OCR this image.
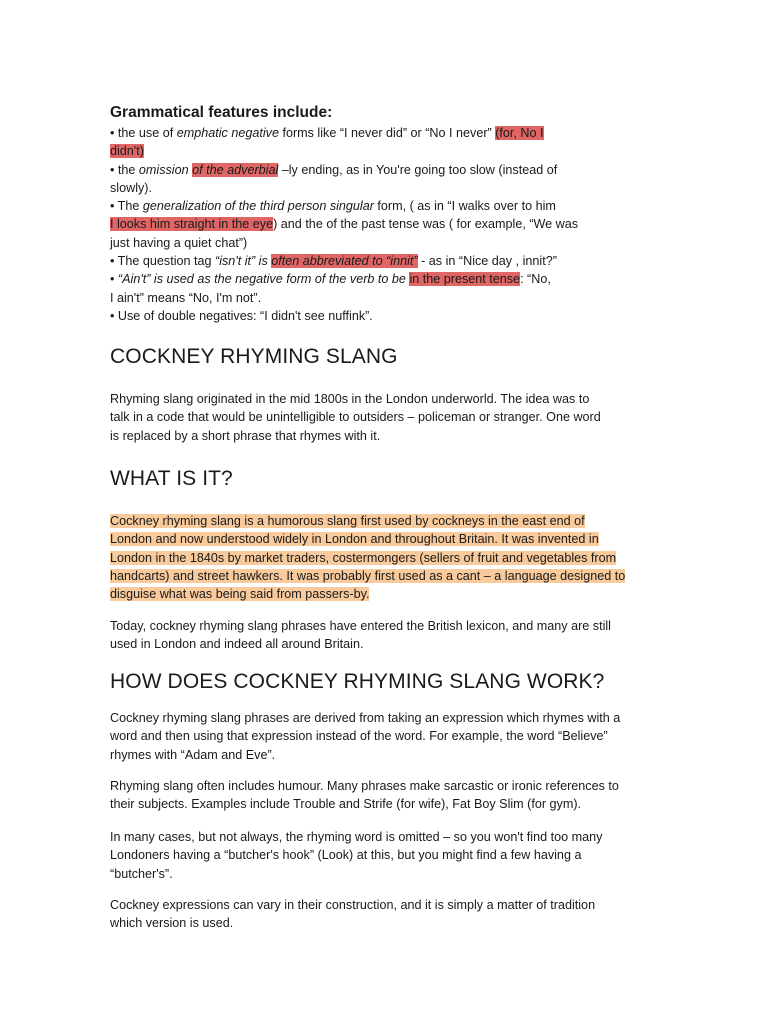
Grammatical features include:
• the use of emphatic negative forms like “I never did” or “No I never” (for, No I
didn't)
• the omission of the adverbial –ly ending, as in You're going too slow (instead of
slowly).
• The generalization of the third person singular form, ( as in “I walks over to him
I looks him straight in the eye) and the of the past tense was ( for example, “We was
just having a quiet chat”)
• The question tag “isn't it” is often abbreviated to “innit” - as in “Nice day , innit?”
• “Ain't” is used as the negative form of the verb to be in the present tense: “No,
I ain't” means “No, I'm not”.
• Use of double negatives: “I didn't see nuffink”.
COCKNEY RHYMING SLANG
Rhyming slang originated in the mid 1800s in the London underworld. The idea was to
talk in a code that would be unintelligible to outsiders – policeman or stranger. One word
is replaced by a short phrase that rhymes with it.
WHAT IS IT?
Cockney rhyming slang is a humorous slang first used by cockneys in the east end of
London and now understood widely in London and throughout Britain. It was invented in
London in the 1840s by market traders, costermongers (sellers of fruit and vegetables from
handcarts) and street hawkers. It was probably first used as a cant – a language designed to
disguise what was being said from passers-by.
Today, cockney rhyming slang phrases have entered the British lexicon, and many are still
used in London and indeed all around Britain.
HOW DOES COCKNEY RHYMING SLANG WORK?
Cockney rhyming slang phrases are derived from taking an expression which rhymes with a
word and then using that expression instead of the word. For example, the word “Believe”
rhymes with “Adam and Eve”.
Rhyming slang often includes humour. Many phrases make sarcastic or ironic references to
their subjects. Examples include Trouble and Strife (for wife), Fat Boy Slim (for gym).
In many cases, but not always, the rhyming word is omitted – so you won't find too many
Londoners having a “butcher's hook” (Look) at this, but you might find a few having a
“butcher's”.
Cockney expressions can vary in their construction, and it is simply a matter of tradition
which version is used.
